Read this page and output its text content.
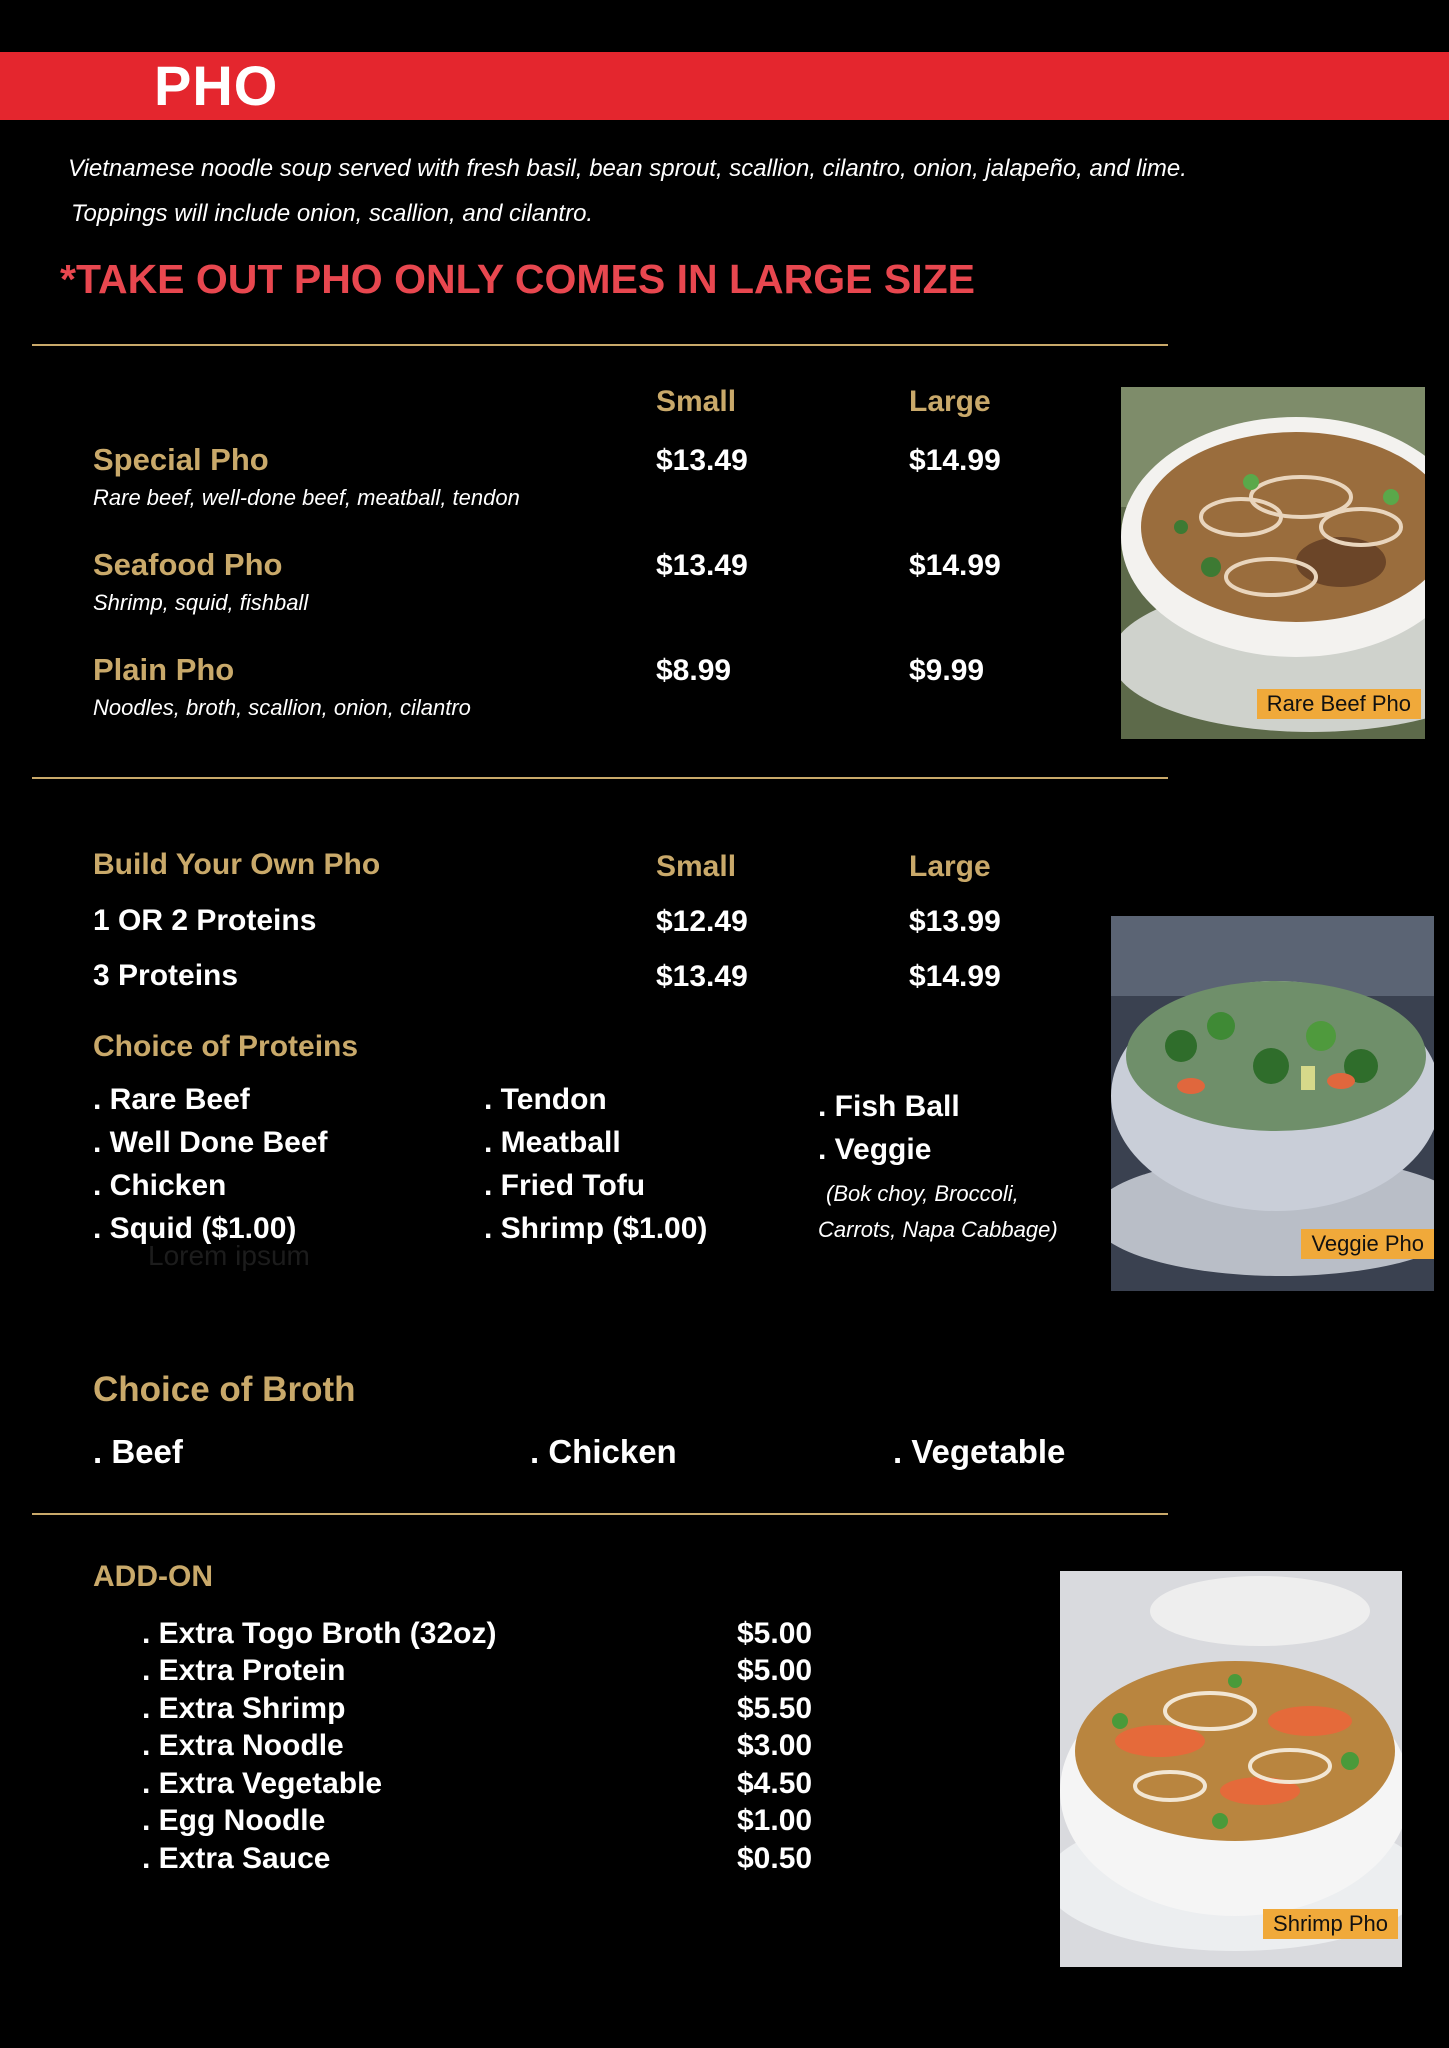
PHO
Vietnamese noodle soup served with fresh basil, bean sprout, scallion, cilantro, onion, jalapeño, and lime.
Toppings will include onion, scallion, and cilantro.
*TAKE OUT PHO ONLY COMES IN LARGE SIZE
Small	Large
Special Pho
Rare beef, well-done beef, meatball, tendon
$13.49	$14.99
Seafood Pho
Shrimp, squid, fishball
$13.49	$14.99
Plain Pho
Noodles, broth, scallion, onion, cilantro
$8.99	$9.99
Rare Beef Pho
Build Your Own Pho	Small	Large
1 OR 2 Proteins	$12.49	$13.99
3 Proteins	$13.49	$14.99
Choice of Proteins
. Rare Beef
. Well Done Beef
. Chicken
. Squid ($1.00)
Lorem ipsum
. Tendon
. Meatball
. Fried Tofu
. Shrimp ($1.00)
. Fish Ball
. Veggie
(Bok choy, Broccoli,
Carrots, Napa Cabbage)
Veggie Pho
Choice of Broth
. Beef	. Chicken	. Vegetable
ADD-ON
. Extra Togo Broth (32oz)	$5.00
. Extra Protein	$5.00
. Extra Shrimp	$5.50
. Extra Noodle	$3.00
. Extra Vegetable	$4.50
. Egg Noodle	$1.00
. Extra Sauce	$0.50
Shrimp Pho
